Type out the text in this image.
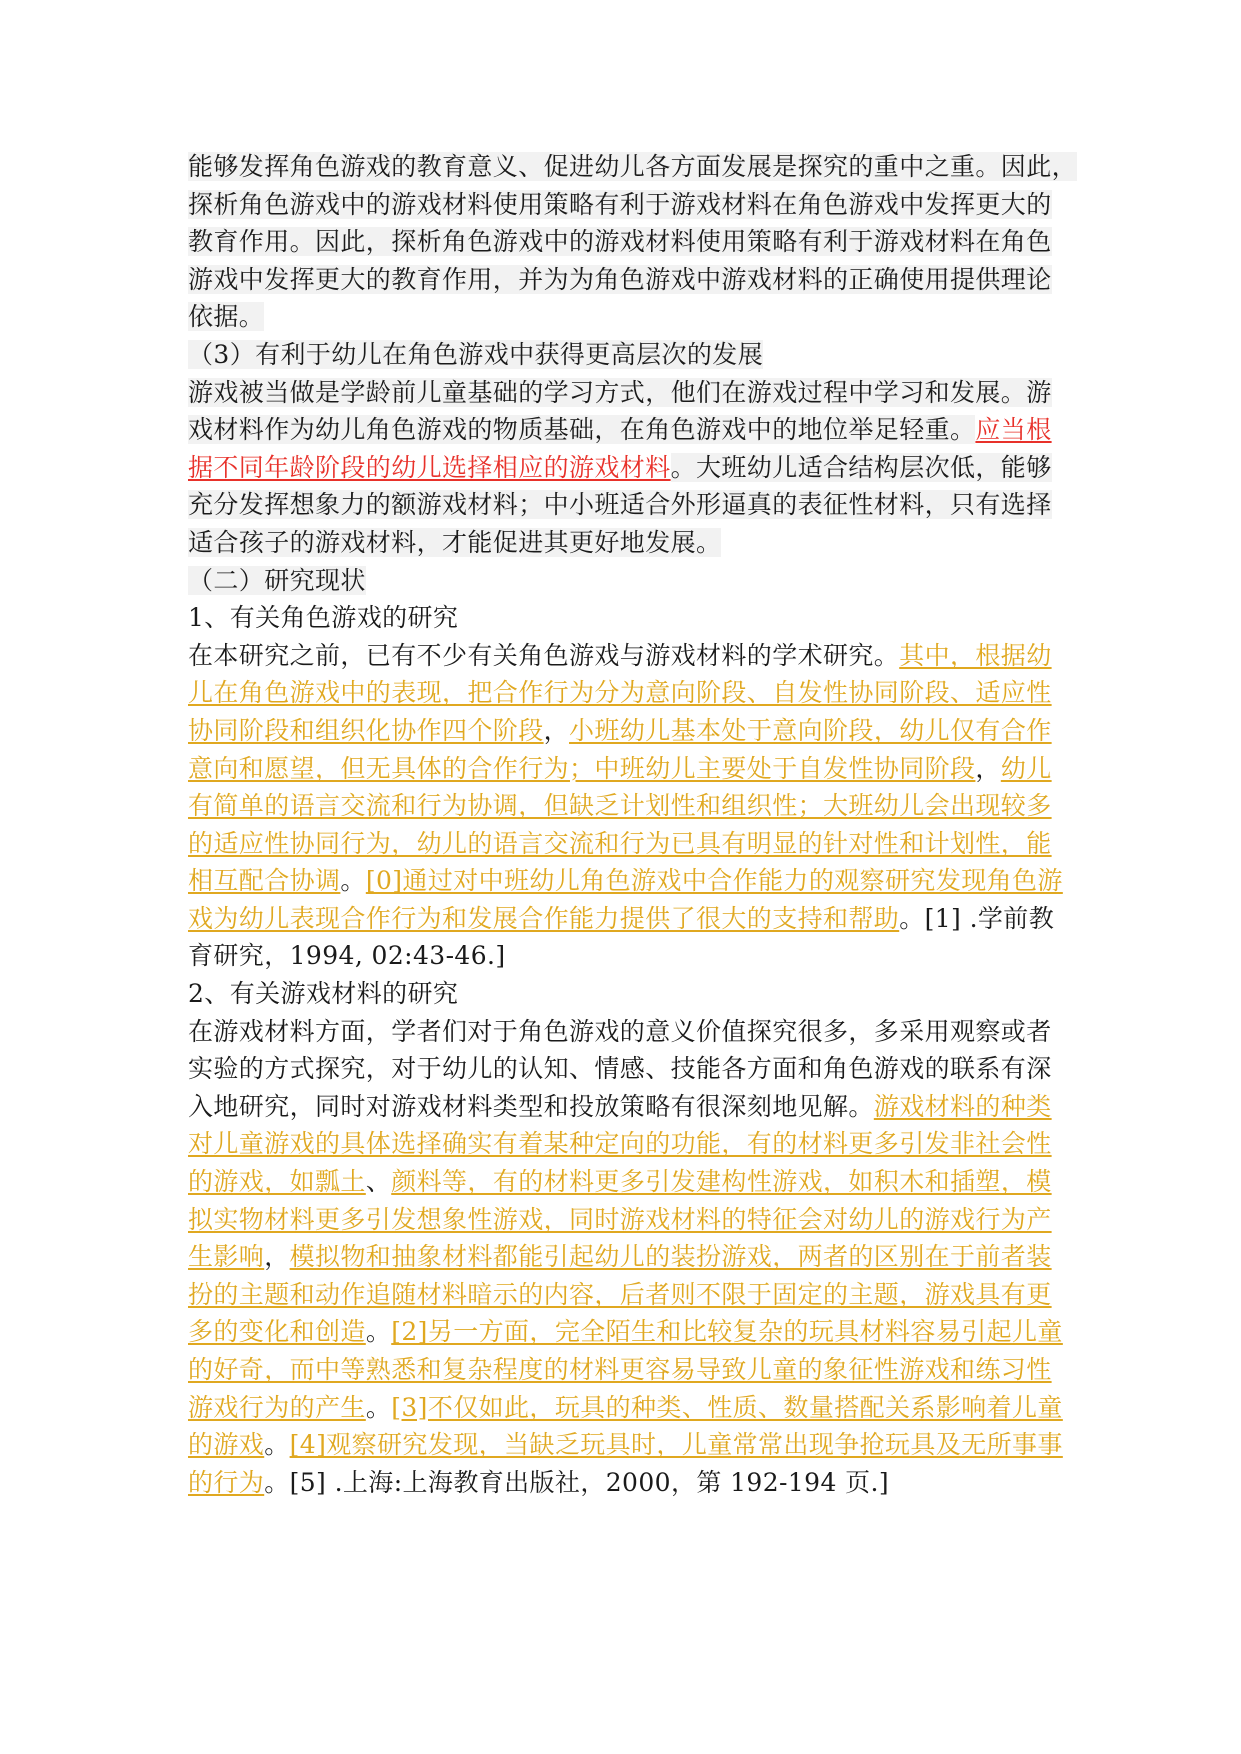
能够发挥角色游戏的教育意义、促进幼儿各方面发展是探究的重中之重。因此，
探析角色游戏中的游戏材料使用策略有利于游戏材料在角色游戏中发挥更大的
教育作用。因此，探析角色游戏中的游戏材料使用策略有利于游戏材料在角色
游戏中发挥更大的教育作用，并为为角色游戏中游戏材料的正确使用提供理论
依据。
（3）有利于幼儿在角色游戏中获得更高层次的发展
游戏被当做是学龄前儿童基础的学习方式，他们在游戏过程中学习和发展。游
戏材料作为幼儿角色游戏的物质基础，在角色游戏中的地位举足轻重。应当根
据不同年龄阶段的幼儿选择相应的游戏材料。大班幼儿适合结构层次低，能够
充分发挥想象力的额游戏材料；中小班适合外形逼真的表征性材料，只有选择
适合孩子的游戏材料，才能促进其更好地发展。
（二）研究现状
1、有关角色游戏的研究
在本研究之前，已有不少有关角色游戏与游戏材料的学术研究。其中，根据幼
儿在角色游戏中的表现，把合作行为分为意向阶段、自发性协同阶段、适应性
协同阶段和组织化协作四个阶段，小班幼儿基本处于意向阶段，幼儿仅有合作
意向和愿望，但无具体的合作行为；中班幼儿主要处于自发性协同阶段，幼儿
有简单的语言交流和行为协调，但缺乏计划性和组织性；大班幼儿会出现较多
的适应性协同行为，幼儿的语言交流和行为已具有明显的针对性和计划性，能
相互配合协调。[0]通过对中班幼儿角色游戏中合作能力的观察研究发现角色游
戏为幼儿表现合作行为和发展合作能力提供了很大的支持和帮助。[1] .学前教
育研究，1994, 02:43-46.]
2、有关游戏材料的研究
在游戏材料方面，学者们对于角色游戏的意义价值探究很多，多采用观察或者
实验的方式探究，对于幼儿的认知、情感、技能各方面和角色游戏的联系有深
入地研究，同时对游戏材料类型和投放策略有很深刻地见解。游戏材料的种类
对儿童游戏的具体选择确实有着某种定向的功能，有的材料更多引发非社会性
的游戏，如瓢土、颜料等，有的材料更多引发建构性游戏，如积木和插塑，模
拟实物材料更多引发想象性游戏，同时游戏材料的特征会对幼儿的游戏行为产
生影响，模拟物和抽象材料都能引起幼儿的装扮游戏，两者的区别在于前者装
扮的主题和动作追随材料暗示的内容，后者则不限于固定的主题，游戏具有更
多的变化和创造。[2]另一方面，完全陌生和比较复杂的玩具材料容易引起儿童
的好奇，而中等熟悉和复杂程度的材料更容易导致儿童的象征性游戏和练习性
游戏行为的产生。[3]不仅如此，玩具的种类、性质、数量搭配关系影响着儿童
的游戏。[4]观察研究发现，当缺乏玩具时，儿童常常出现争抢玩具及无所事事
的行为。[5] .上海:上海教育出版社，2000，第 192-194 页.]
